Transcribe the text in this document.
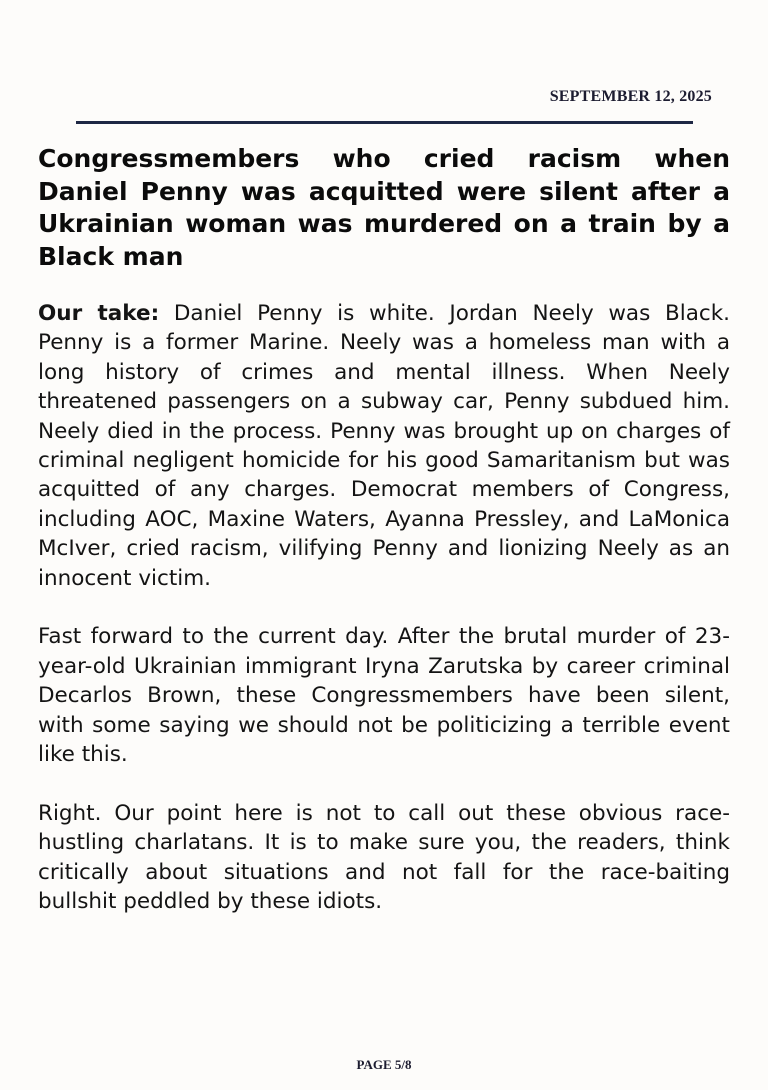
SEPTEMBER 12, 2025
Congressmembers who cried racism when Daniel Penny was acquitted were silent after a Ukrainian woman was murdered on a train by a Black man

Our take: Daniel Penny is white. Jordan Neely was Black. Penny is a former Marine. Neely was a homeless man with a long history of crimes and mental illness. When Neely threatened passengers on a subway car, Penny subdued him. Neely died in the process. Penny was brought up on charges of criminal negligent homicide for his good Samaritanism but was acquitted of any charges. Democrat members of Congress, including AOC, Maxine Waters, Ayanna Pressley, and LaMonica McIver, cried racism, vilifying Penny and lionizing Neely as an innocent victim.

Fast forward to the current day. After the brutal murder of 23-year-old Ukrainian immigrant Iryna Zarutska by career criminal Decarlos Brown, these Congressmembers have been silent, with some saying we should not be politicizing a terrible event like this.

Right. Our point here is not to call out these obvious race-hustling charlatans. It is to make sure you, the readers, think critically about situations and not fall for the race-baiting bullshit peddled by these idiots.

PAGE 5/8
